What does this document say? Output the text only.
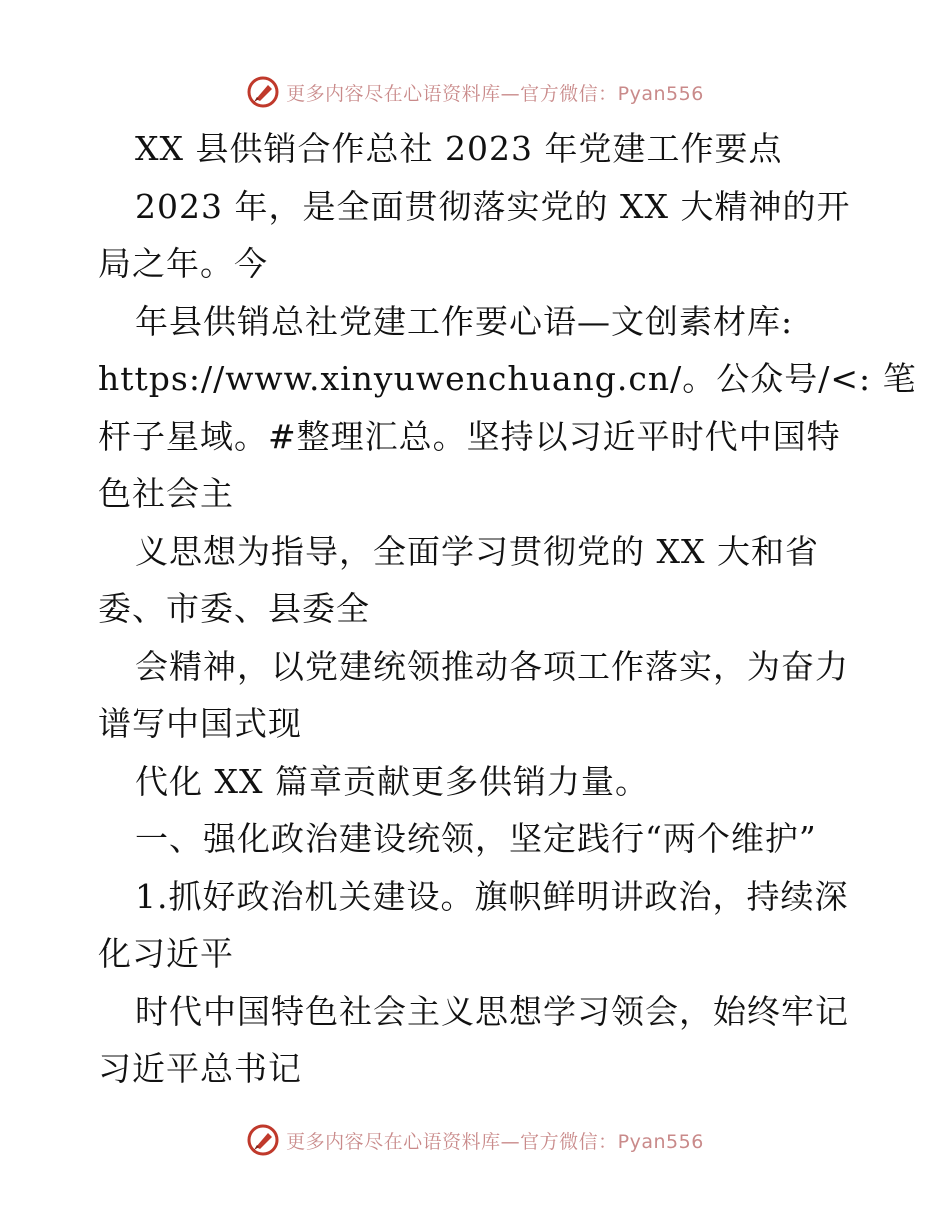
更多内容尽在心语资料库—官方微信：Pyan556
XX 县供销合作总社 2023 年党建工作要点
2023 年，是全面贯彻落实党的 XX 大精神的开
局之年。今
年县供销总社党建工作要心语—文创素材库:
https://www.xinyuwenchuang.cn/。公众号/<: 笔
杆子星域。#整理汇总。坚持以习近平时代中国特
色社会主
义思想为指导，全面学习贯彻党的 XX 大和省
委、市委、县委全
会精神，以党建统领推动各项工作落实，为奋力
谱写中国式现
代化 XX 篇章贡献更多供销力量。
一、强化政治建设统领，坚定践行“两个维护”
1.抓好政治机关建设。旗帜鲜明讲政治，持续深
化习近平
时代中国特色社会主义思想学习领会，始终牢记
习近平总书记
更多内容尽在心语资料库—官方微信：Pyan556
